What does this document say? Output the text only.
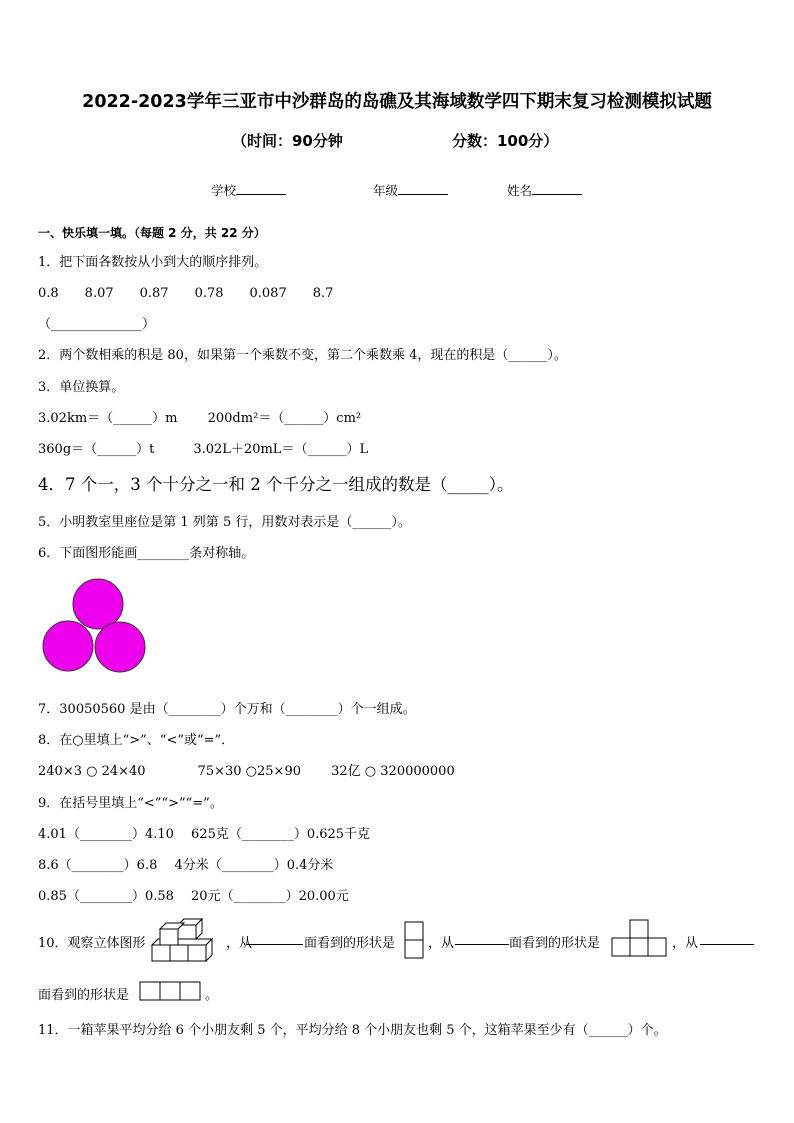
2022-2023学年三亚市中沙群岛的岛礁及其海域数学四下期末复习检测模拟试题
（时间：90分钟	分数：100分）
学校	年级	姓名
一、快乐填一填。（每题 2 分，共 22 分）
1．把下面各数按从小到大的顺序排列。
0.8　　8.07　　0.87　　0.78　　0.087　　8.7
（______________）
2．两个数相乘的积是 80，如果第一个乘数不变，第二个乘数乘 4，现在的积是（______）。
3．单位换算。
3.02km＝（______）m　　 200dm²＝（______）cm²
360g＝（______）t　　　3.02L＋20mL＝（______）L
4．7 个一，3 个十分之一和 2 个千分之一组成的数是（_____）。
5．小明教室里座位是第 1 列第 5 行，用数对表示是（______）。
6．下面图形能画________条对称轴。
7．30050560 是由（________）个万和（________）个一组成。
8．在○里填上“>”、“<”或“=”．
240×3 ○ 24×40　　　　75×30 ○25×90　　 32亿 ○ 320000000
9．在括号里填上“<”“>”“=”。
4.01（________）4.10　 625克（________）0.625千克
8.6（________）6.8　 4分米（________）0.4分米
0.85（________）0.58　 20元（________）20.00元
10．观察立体图形	，从	面看到的形状是	，从	面看到的形状是	，从
面看到的形状是	。
11．一箱苹果平均分给 6 个小朋友剩 5 个，平均分给 8 个小朋友也剩 5 个，这箱苹果至少有（______）个。
